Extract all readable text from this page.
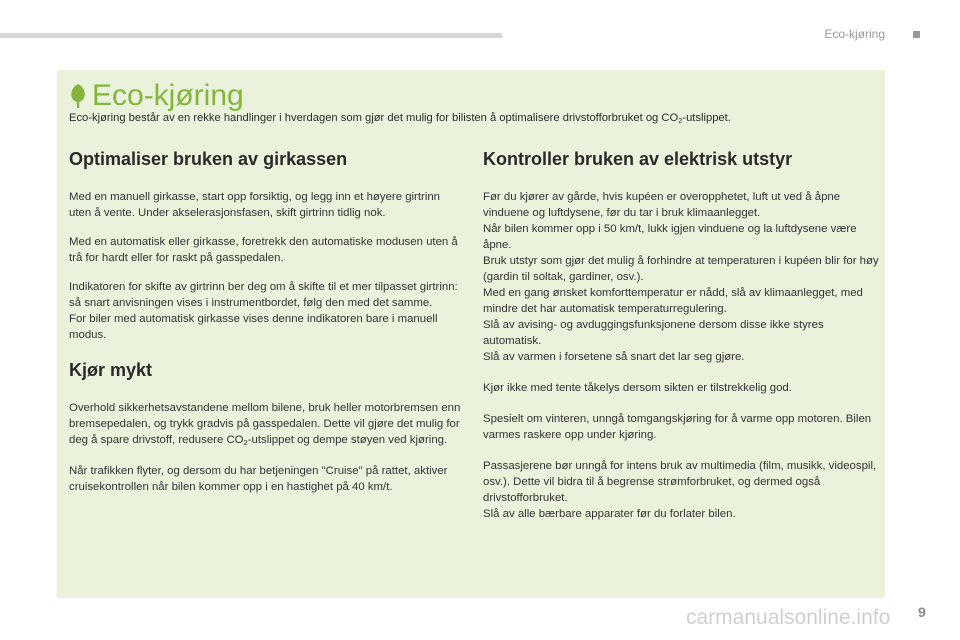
Eco-kjøring
Eco-kjøring
Eco-kjøring består av en rekke handlinger i hverdagen som gjør det mulig for bilisten å optimalisere drivstofforbruket og $CO_2$-utslippet.
Optimaliser bruken av girkassen

Med en manuell girkasse, start opp forsiktig, og legg inn et høyere girtrinn uten å vente. Under akselerasjonsfasen, skift girtrinn tidlig nok.

Med en automatisk eller girkasse, foretrekk den automatiske modusen uten å trå for hardt eller for raskt på gasspedalen.

Indikatoren for skifte av girtrinn ber deg om å skifte til et mer tilpasset girtrinn: så snart anvisningen vises i instrumentbordet, følg den med det samme.

For biler med automatisk girkasse vises denne indikatoren bare i manuell modus.

Kjør mykt

Overhold sikkerhetsavstandene mellom bilene, bruk heller motorbremsen enn bremsepedalen, og trykk gradvis på gasspedalen. Dette vil gjøre det mulig for deg å spare drivstoff, redusere $CO_2$-utslippet og dempe støyen ved kjøring.

Når trafikken flyter, og dersom du har betjeningen "Cruise" på rattet, aktiver cruisekontrollen når bilen kommer opp i en hastighet på 40 km/t.

Kontroller bruken av elektrisk utstyr

Før du kjører av gårde, hvis kupéen er overopphetet, luft ut ved å åpne vinduene og luftdysene, før du tar i bruk klimaanlegget.

Når bilen kommer opp i 50 km/t, lukk igjen vinduene og la luftdysene være åpne.

Bruk utstyr som gjør det mulig å forhindre at temperaturen i kupéen blir for høy (gardin til soltak, gardiner, osv.).

Med en gang ønsket komforttemperatur er nådd, slå av klimaanlegget, med mindre det har automatisk temperaturregulering.

Slå av avising- og avduggingsfunksjonene dersom disse ikke styres automatisk.

Slå av varmen i forsetene så snart det lar seg gjøre.

Kjør ikke med tente tåkelys dersom sikten er tilstrekkelig god.

Spesielt om vinteren, unngå tomgangskjøring for å varme opp motoren. Bilen varmes raskere opp under kjøring.

Passasjerene bør unngå for intens bruk av multimedia (film, musikk, videospil, osv.). Dette vil bidra til å begrense strømforbruket, og dermed også drivstofforbruket.

Slå av alle bærbare apparater før du forlater bilen.

carmanualsonline.info 9
